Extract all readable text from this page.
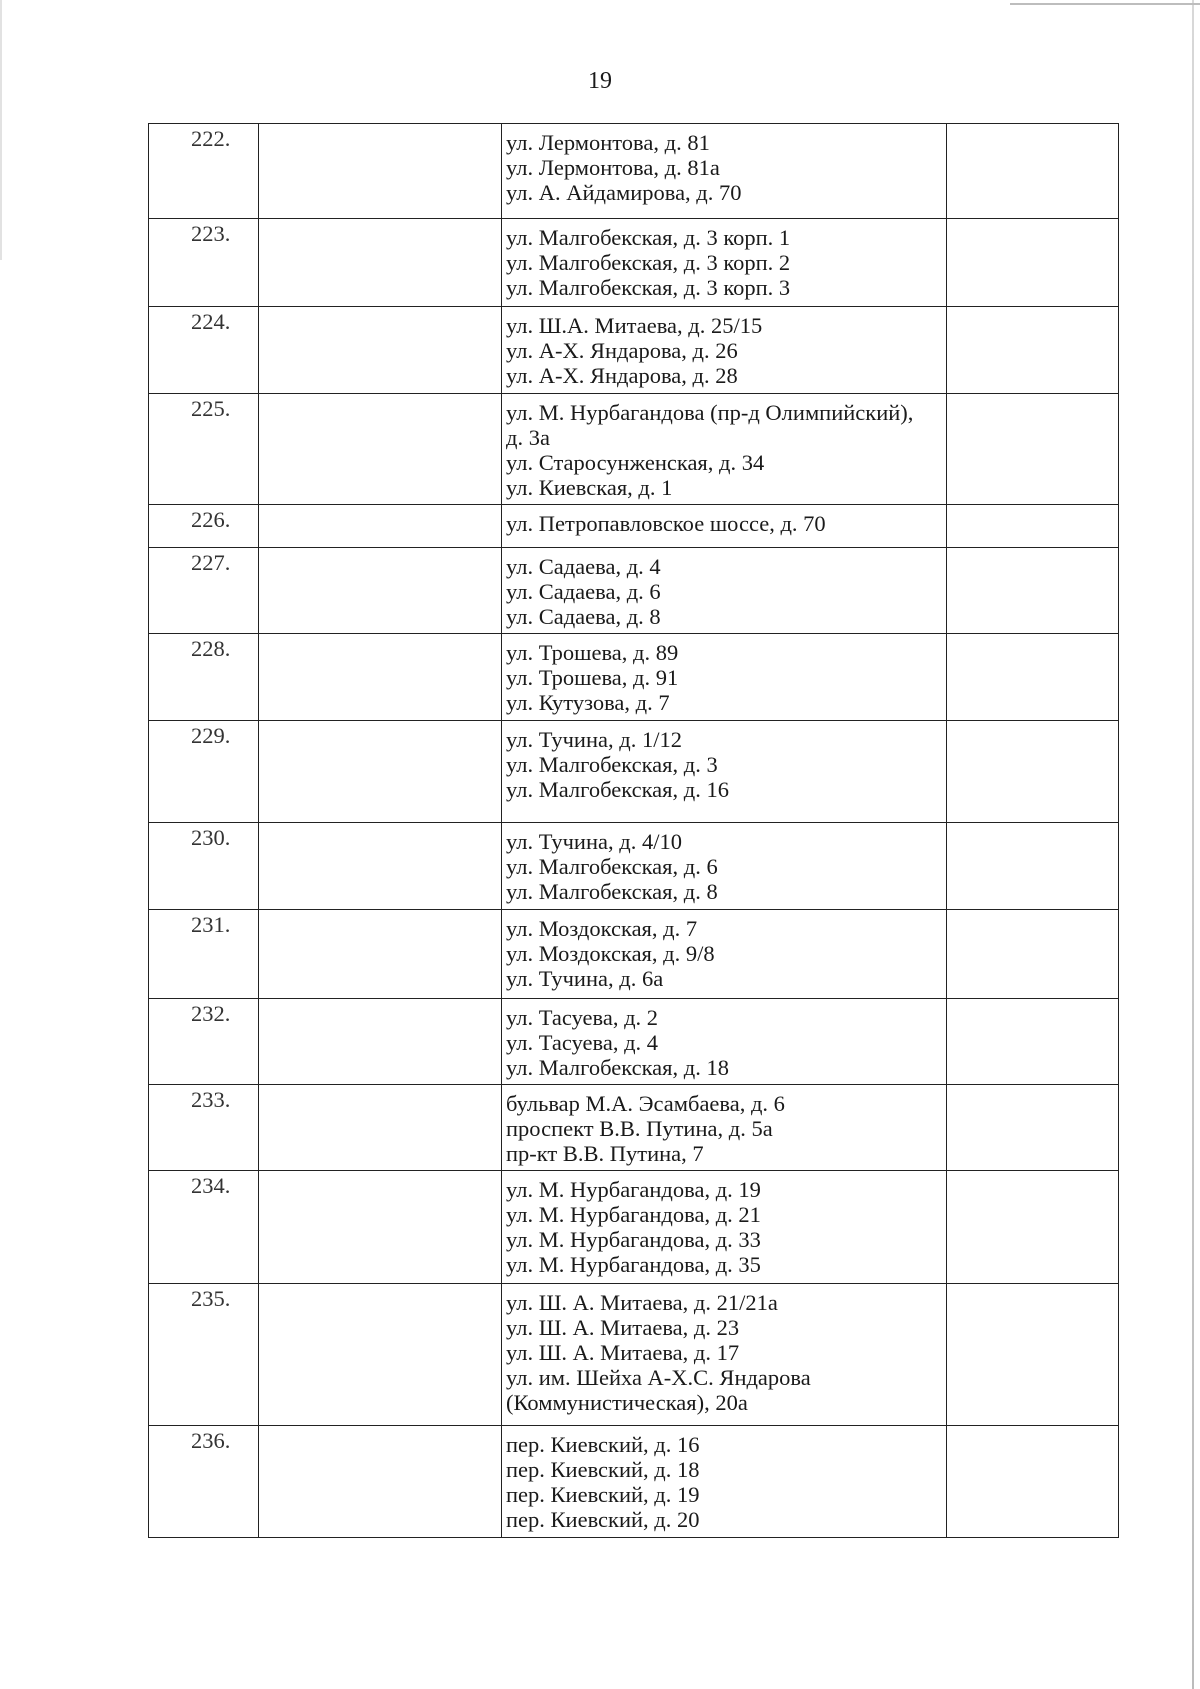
19
222.		ул. Лермонтова, д. 81
ул. Лермонтова, д. 81а
ул. А. Айдамирова, д. 70	

223.		ул. Малгобекская, д. 3 корп. 1
ул. Малгобекская, д. 3 корп. 2
ул. Малгобекская, д. 3 корп. 3	

224.		ул. Ш.А. Митаева, д. 25/15
ул. А-Х. Яндарова, д. 26
ул. А-Х. Яндарова, д. 28	

225.		ул. М. Нурбагандова (пр-д Олимпийский),
д. 3а
ул. Старосунженская, д. 34
ул. Киевская, д. 1	

226.		ул. Петропавловское шоссе, д. 70	

227.		ул. Садаева, д. 4
ул. Садаева, д. 6
ул. Садаева, д. 8	

228.		ул. Трошева, д. 89
ул. Трошева, д. 91
ул. Кутузова, д. 7	

229.		ул. Тучина, д. 1/12
ул. Малгобекская, д. 3
ул. Малгобекская, д. 16	

230.		ул. Тучина, д. 4/10
ул. Малгобекская, д. 6
ул. Малгобекская, д. 8	

231.		ул. Моздокская, д. 7
ул. Моздокская, д. 9/8
ул. Тучина, д. 6а	

232.		ул. Тасуева, д. 2
ул. Тасуева, д. 4
ул. Малгобекская, д. 18	

233.		бульвар М.А. Эсамбаева, д. 6
проспект В.В. Путина, д. 5а
пр-кт В.В. Путина, 7	

234.		ул. М. Нурбагандова, д. 19
ул. М. Нурбагандова, д. 21
ул. М. Нурбагандова, д. 33
ул. М. Нурбагандова, д. 35	

235.		ул. Ш. А. Митаева, д. 21/21а
ул. Ш. А. Митаева, д. 23
ул. Ш. А. Митаева, д. 17
ул. им. Шейха А-Х.С. Яндарова
(Коммунистическая), 20а	

236.		пер. Киевский, д. 16
пер. Киевский, д. 18
пер. Киевский, д. 19
пер. Киевский, д. 20	
